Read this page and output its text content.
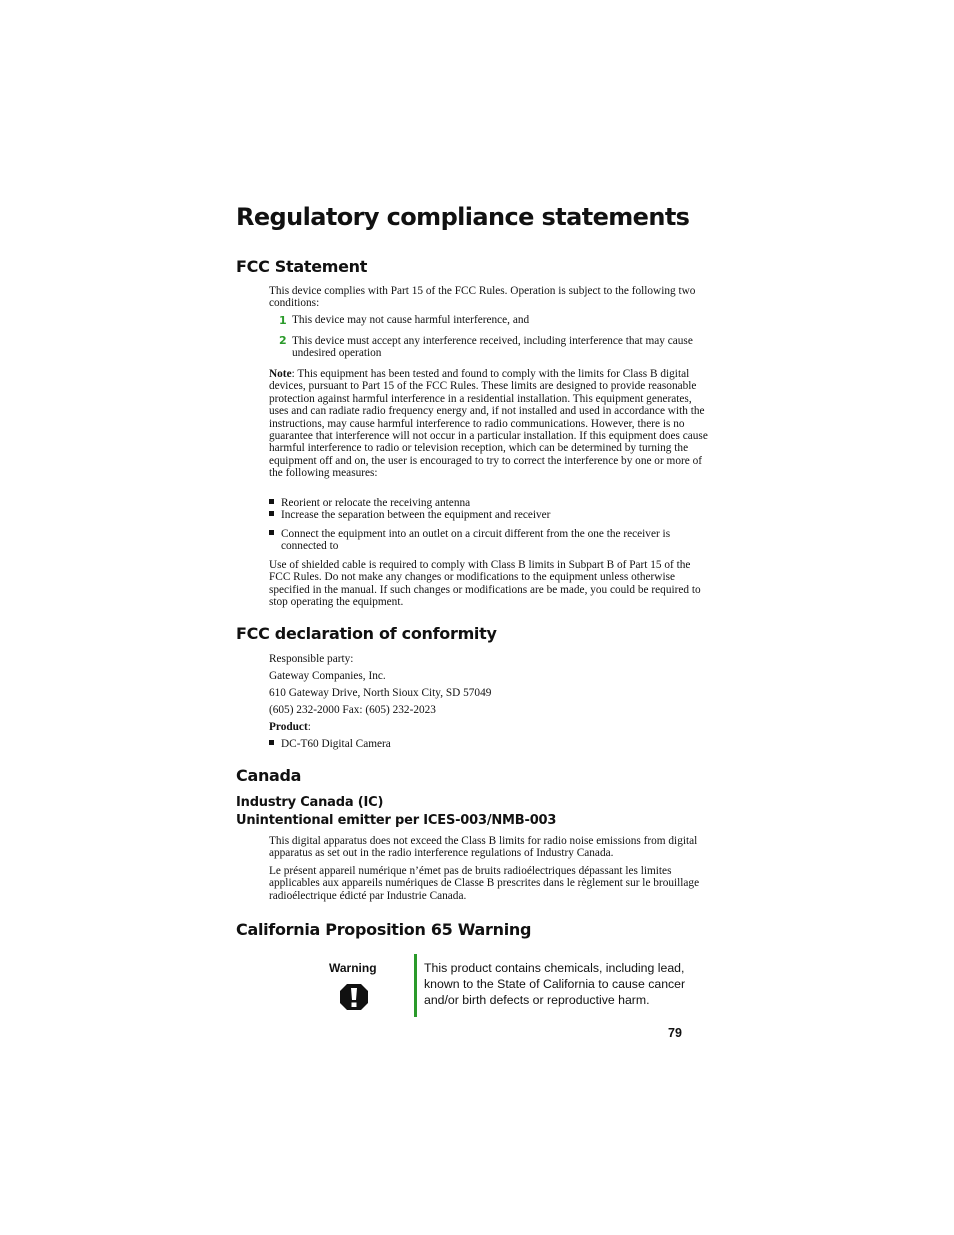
Regulatory compliance statements
FCC Statement

This device complies with Part 15 of the FCC Rules. Operation is subject to the following two conditions:

1 This device may not cause harmful interference, and
2 This device must accept any interference received, including interference that may cause undesired operation

Note: This equipment has been tested and found to comply with the limits for Class B digital devices, pursuant to Part 15 of the FCC Rules. These limits are designed to provide reasonable protection against harmful interference in a residential installation. This equipment generates, uses and can radiate radio frequency energy and, if not installed and used in accordance with the instructions, may cause harmful interference to radio communications. However, there is no guarantee that interference will not occur in a particular installation. If this equipment does cause harmful interference to radio or television reception, which can be determined by turning the equipment off and on, the user is encouraged to try to correct the interference by one or more of the following measures:

Reorient or relocate the receiving antenna
Increase the separation between the equipment and receiver
Connect the equipment into an outlet on a circuit different from the one the receiver is connected to

Use of shielded cable is required to comply with Class B limits in Subpart B of Part 15 of the FCC Rules. Do not make any changes or modifications to the equipment unless otherwise specified in the manual. If such changes or modifications are be made, you could be required to stop operating the equipment.

FCC declaration of conformity
Responsible party:
Gateway Companies, Inc.
610 Gateway Drive, North Sioux City, SD 57049
(605) 232-2000 Fax: (605) 232-2023
Product:
DC-T60 Digital Camera
Canada
Industry Canada (IC)
Unintentional emitter per ICES-003/NMB-003

This digital apparatus does not exceed the Class B limits for radio noise emissions from digital apparatus as set out in the radio interference regulations of Industry Canada.

Le présent appareil numérique n’émet pas de bruits radioélectriques dépassant les limites applicables aux appareils numériques de Classe B prescrites dans le règlement sur le brouillage radioélectrique édicté par Industrie Canada.

California Proposition 65 Warning
Warning	This product contains chemicals, including lead, known to the State of California to cause cancer and/or birth defects or reproductive harm.
79
